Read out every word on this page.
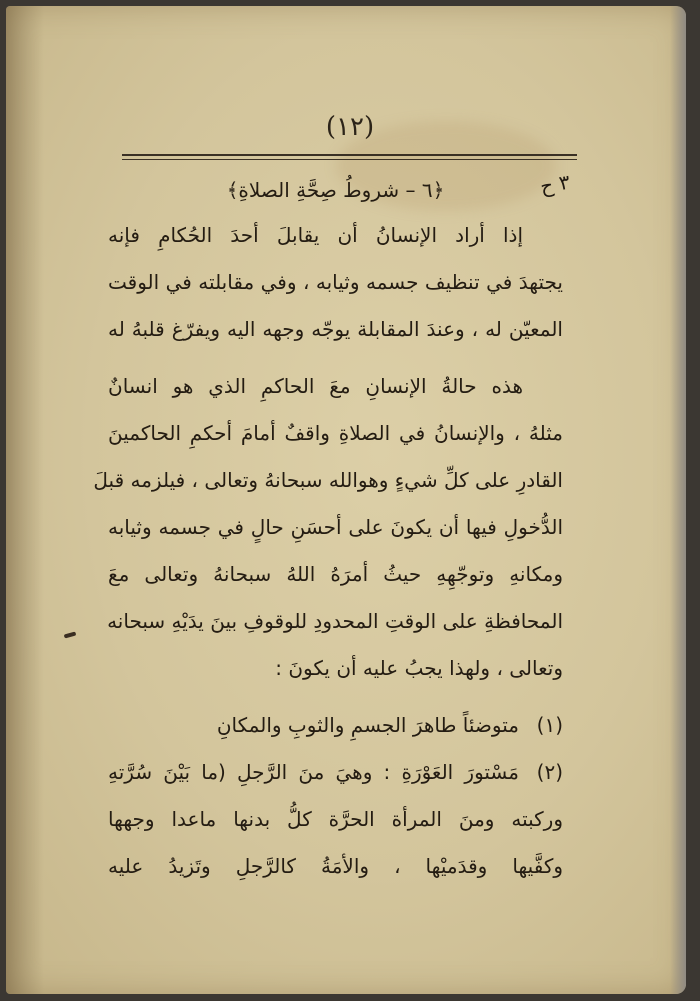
(١٢)
٣ ح
﴿٦ – شروطُ صِحَّةِ الصلاةِ﴾
إذا أراد الإنسانُ أن يقابلَ أحدَ الحُكامِ فإنه
يجتهدَ في تنظيف جسمه وثيابه ، وفي مقابلته في الوقت
المعيّن له ، وعندَ المقابلة يوجّه وجهه اليه ويفرّغ قلبهُ له
هذه حالةُ الإنسانِ معَ الحاكمِ الذي هو انسانٌ
مثلهُ ، والإنسانُ في الصلاةِ واقفٌ أمامَ أحكمِ الحاكمينَ
القادرِ على كلِّ شيءٍ وهوالله سبحانهُ وتعالى ، فيلزمه قبلَ
الدُّخولِ فيها أن يكونَ على أحسَنِ حالٍ في جسمه وثيابه
ومكانهِ وتوجّهِهِ حيثُ أمرَهُ اللهُ سبحانهُ وتعالى معَ
المحافظةِ على الوقتِ المحدودِ للوقوفِ بينَ يدَيْهِ سبحانه
وتعالى ، ولهذا يجبُ عليه أن يكونَ :
(١)
متوضئاً طاهرَ الجسمِ والثوبِ والمكانِ
(٢)
مَسْتورَ العَوْرَةِ : وهيَ منَ الرَّجلِ (ما بَيْنَ سُرَّتهِ
وركبته ومنَ المرأة الحرَّة كلُّ بدنها ماعدا وجهها
وكفَّيها وقدَميْها ، والأمَةُ كالرَّجلِ وتَزيدُ عليه
